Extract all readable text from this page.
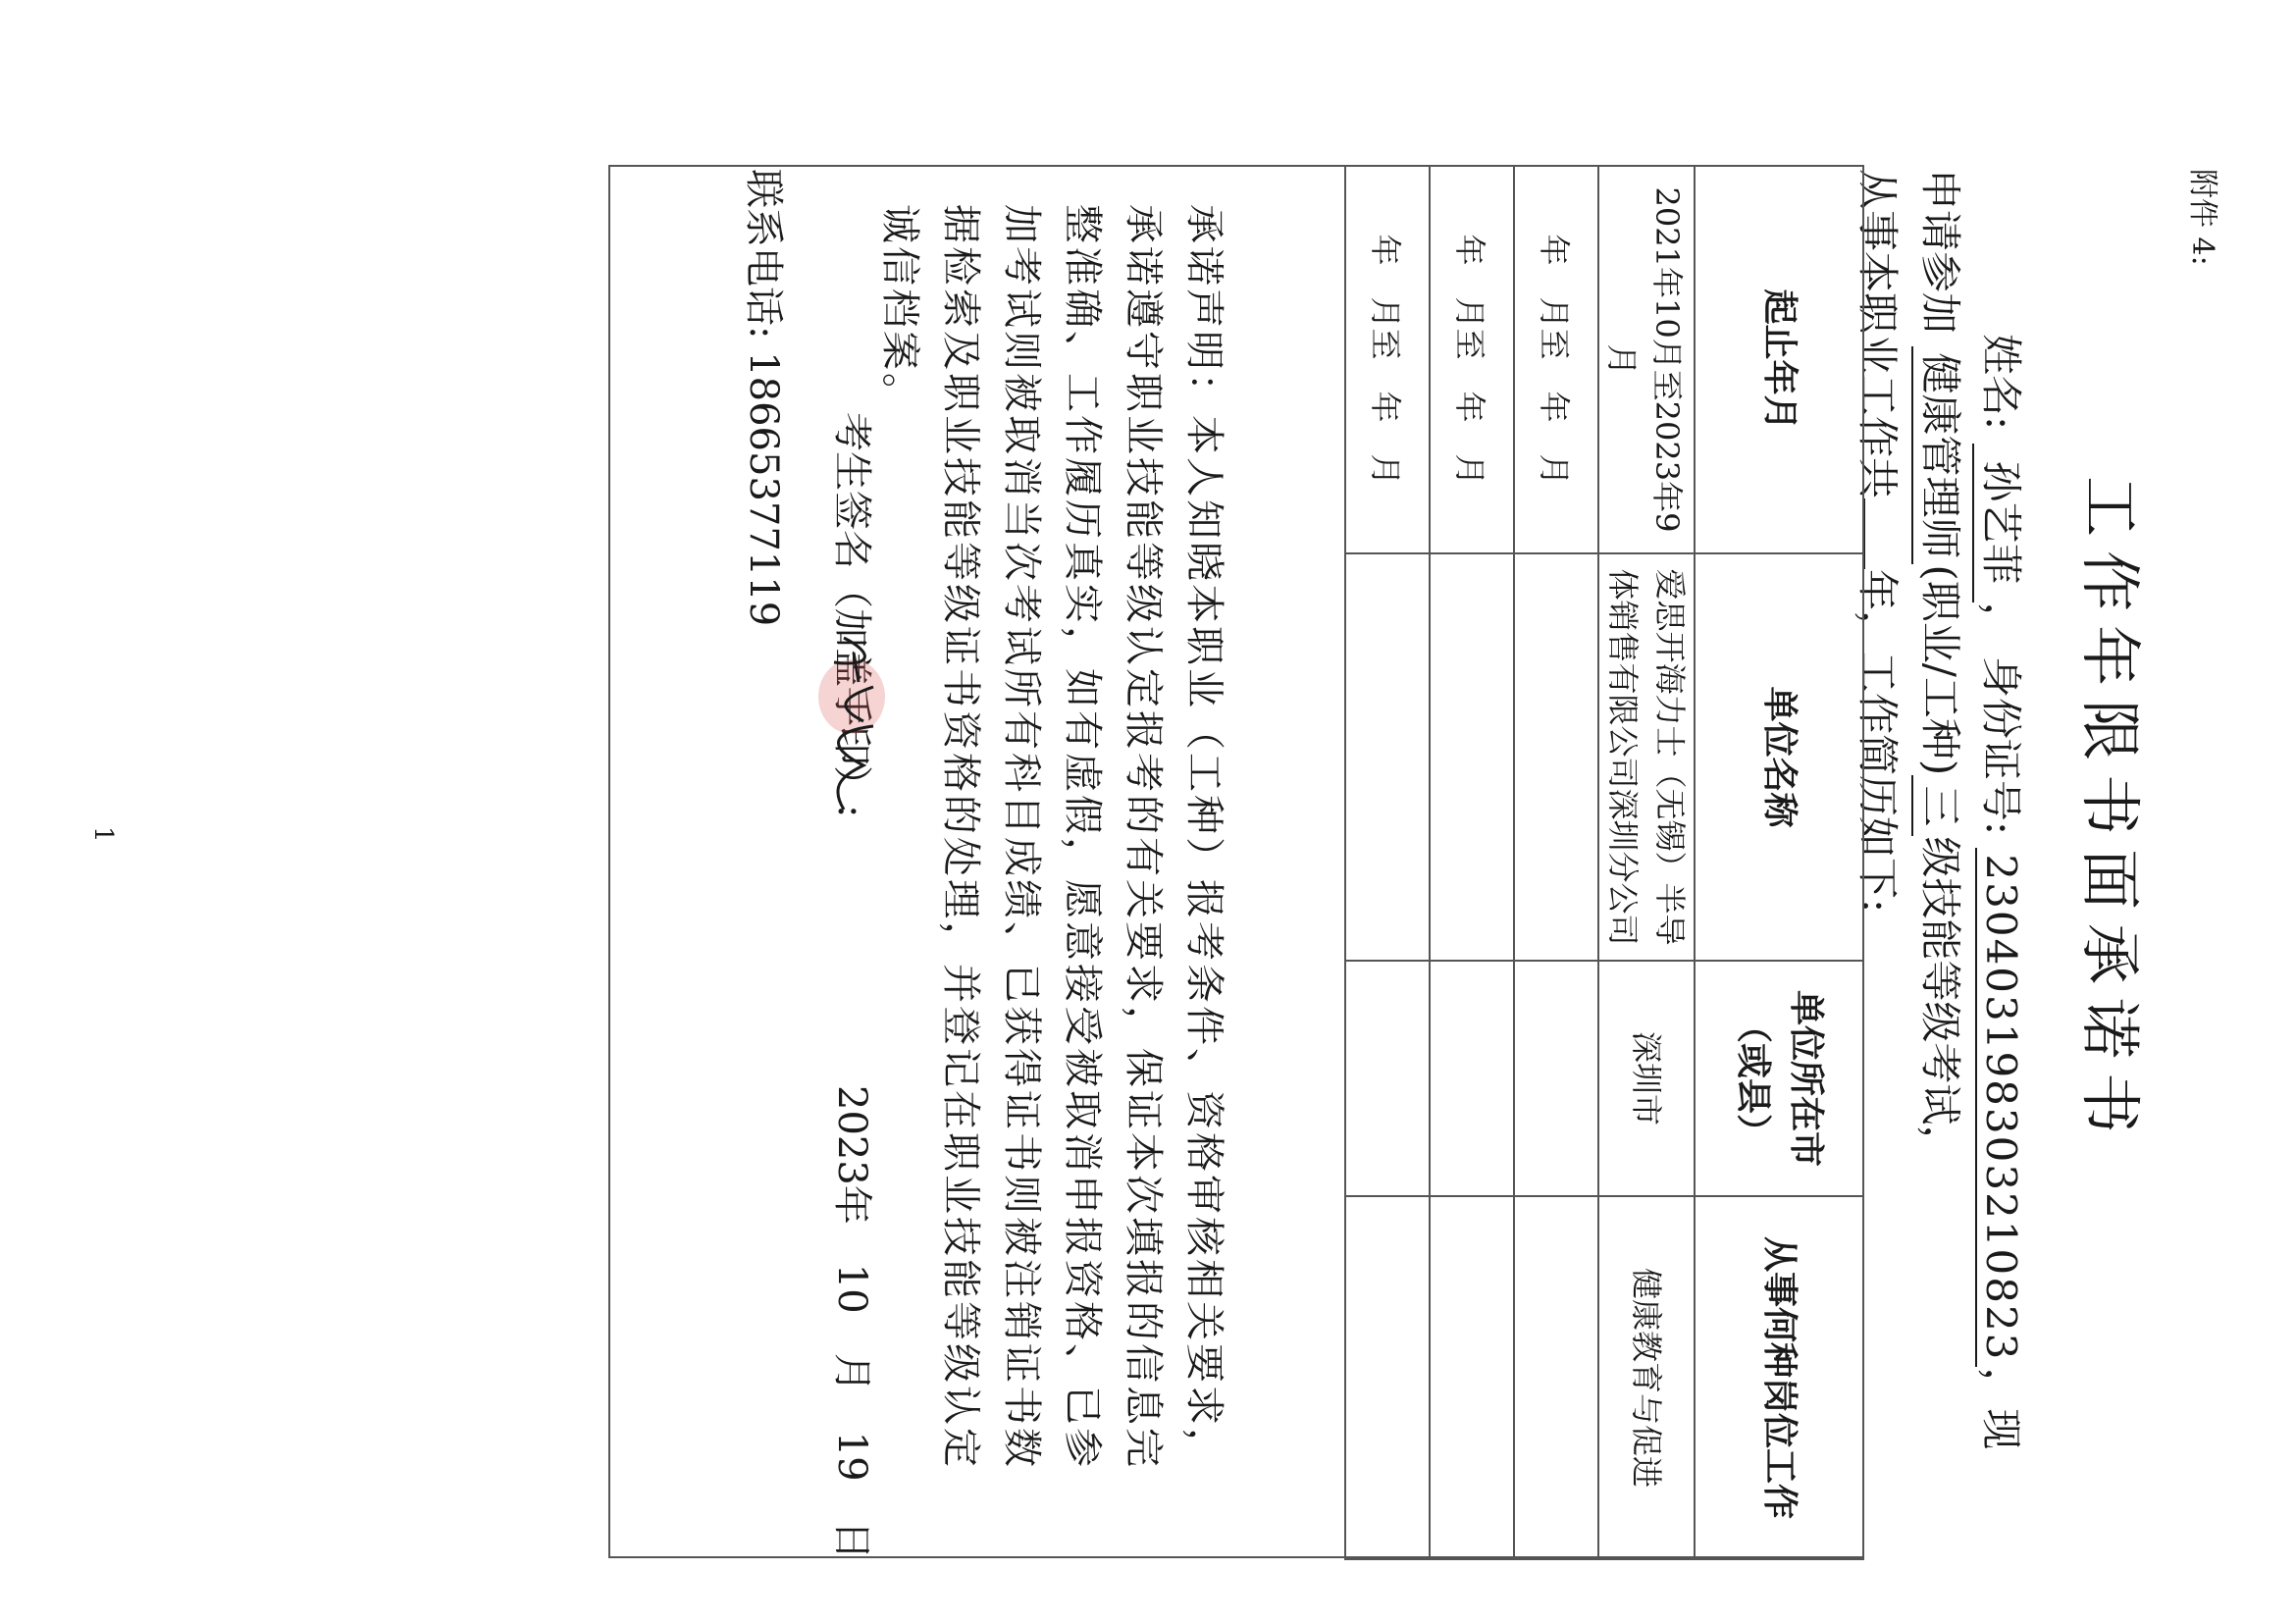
附件 4:
工作年限书面承诺书
姓名: 孙艺菲， 身份证号: 230403198303210823，现
申请参加 健康管理师(职业/工种)三级技能等级考试，
从事本职业工作共年，工作简历如下:
起止年月	单位名称	单位所在市（或县）	从事何种岗位工作
2021年10月至2023年9月	爱思开海力士（无锡）半导体销售有限公司深圳分公司	深圳市	健康教育与促进
年　月至　年　月			
年　月至　年　月			
年　月至　年　月			
承诺声明：本人知晓本职业（工种）报考条件、资格审核相关要求，承诺遵守职业技能等级认定报考的有关要求，保证本次填报的信息完整准确、工作履历真实，如有虚假，愿意接受被取消申报资格、已参加考试则被取消当次考试所有科目成绩、已获得证书则被注销证书数据检索及职业技能等级证书资格的处理，并登记在职业技能等级认定诚信档案。
考生签名（加盖手印）:
2023年　10　月　19　日
联系电话: 18665377119
1
